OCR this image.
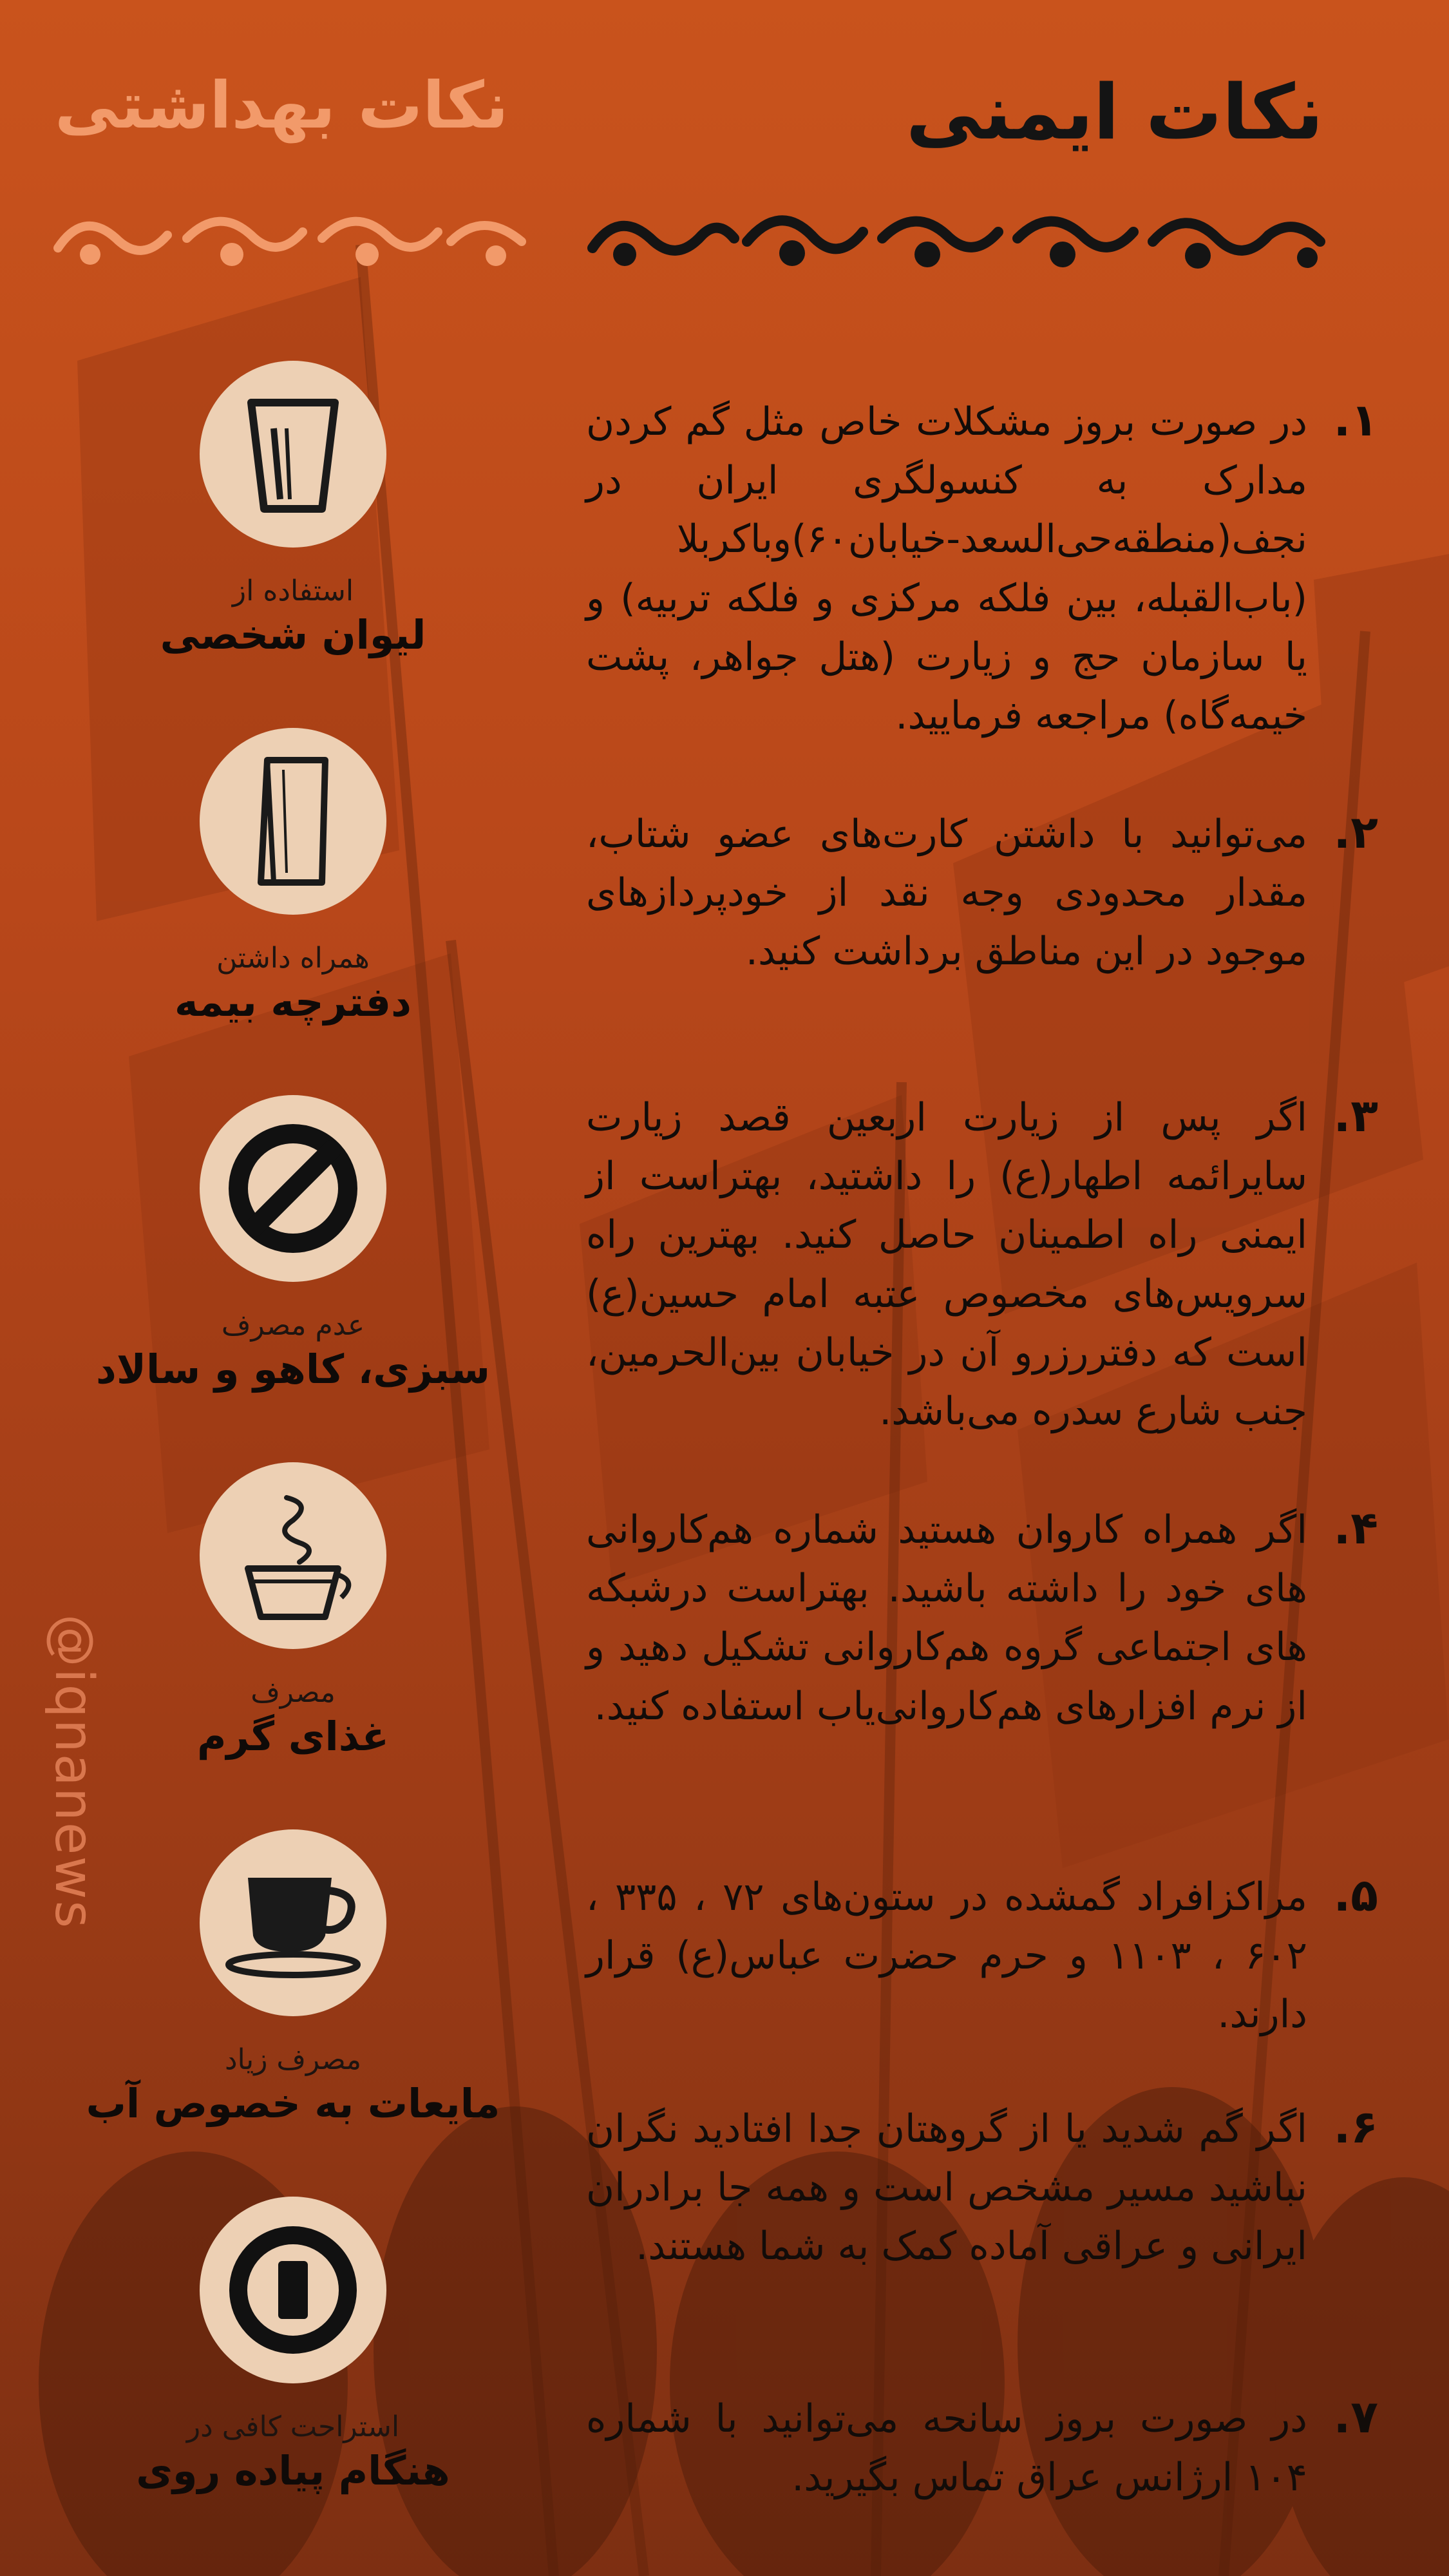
نکات ایمنی
نکات بهداشتی
استفاده از
لیوان شخصی
همراه داشتن
دفترچه بیمه
عدم مصرف
سبزی، کاهو و سالاد
مصرف
غذای گرم
مصرف زیاد
مایعات به خصوص آب
استراحت کافی در
هنگام پیاده روی
۱.

در صورت بروز مشکلات خاص مثل گم کردن مدارک به کنسولگری ایران در نجف(منطقه‌حی‌السعد-خیابان۶۰)وباکربلا (باب‌القبله، بین فلکه مرکزی و فلکه تربیه) و یا سازمان حج و زیارت (هتل جواهر، پشت خیمه‌گاه) مراجعه فرمایید.

۲.

می‌توانید با داشتن کارت‌های عضو شتاب، مقدار محدودی وجه نقد از خودپردازهای موجود در این مناطق برداشت کنید.

۳.

اگر پس از زیارت اربعین قصد زیارت سایرائمه اطهار(ع) را داشتید، بهتراست از ایمنی راه اطمینان حاصل کنید. بهترین راه سرویس‌های مخصوص عتبه امام حسین(ع) است که دفتررزرو آن در خیابان بین‌الحرمین، جنب شارع سدره می‌باشد.

۴.

اگر همراه کاروان هستید شماره هم‌کاروانی های خود را داشته باشید. بهتراست درشبکه های اجتماعی گروه هم‌کاروانی تشکیل دهید و از نرم افزارهای هم‌کاروانی‌یاب استفاده کنید.

۵.

مراکزافراد گمشده در ستون‌های ۷۲ ، ۳۳۵ ، ۶۰۲ ، ۱۱۰۳ و حرم حضرت عباس(ع) قرار دارند.

۶.

اگر گم شدید یا از گروهتان جدا افتادید نگران نباشید مسیر مشخص است و همه جا برادران ایرانی و عراقی آماده کمک به شما هستند.

۷.

در صورت بروز سانحه می‌توانید با شماره ۱۰۴ ارژانس عراق تماس بگیرید.

@iqnanews
